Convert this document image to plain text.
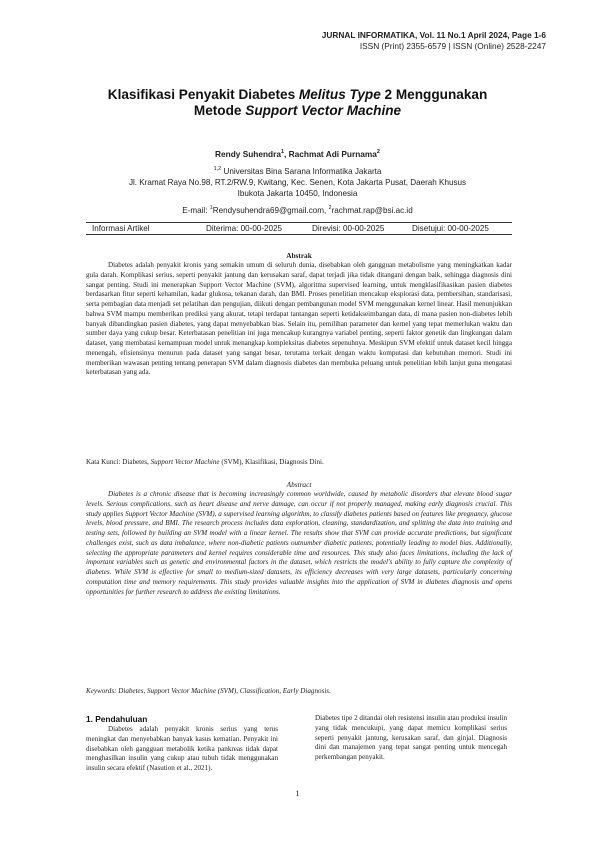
JURNAL INFORMATIKA, Vol. 11 No.1 April 2024, Page 1-6
ISSN (Print) 2355-6579 | ISSN (Online) 2528-2247
Klasifikasi Penyakit Diabetes Melitus Type 2 Menggunakan
Metode Support Vector Machine
Rendy Suhendra$^1$, Rachmat Adi Purnama$^2$
$^{1,2}$ Universitas Bina Sarana Informatika Jakarta
Jl. Kramat Raya No.98, RT.2/RW.9, Kwitang, Kec. Senen, Kota Jakarta Pusat, Daerah Khusus
Ibukota Jakarta 10450, Indonesia
E-mail: $^1$Rendysuhendra69@gmail.com, $^2$rachmat.rap@bsi.ac.id
Informasi Artikel	Diterima: 00-00-2025	Direvisi: 00-00-2025	Disetujui: 00-00-2025
Abstrak

Diabetes adalah penyakit kronis yang semakin umum di seluruh dunia, disebabkan oleh gangguan metabolisme yang meningkatkan kadar gula darah. Komplikasi serius, seperti penyakit jantung dan kerusakan saraf, dapat terjadi jika tidak ditangani dengan baik, sehingga diagnosis dini sangat penting. Studi ini menerapkan Support Vector Machine (SVM), algoritma supervised learning, untuk mengklasifikasikan pasien diabetes berdasarkan fitur seperti kehamilan, kadar glukosa, tekanan darah, dan BMI. Proses penelitian mencakup eksplorasi data, pembersihan, standarisasi, serta pembagian data menjadi set pelatihan dan pengujian, diikuti dengan pembangunan model SVM menggunakan kernel linear. Hasil menunjukkan bahwa SVM mampu memberikan prediksi yang akurat, tetapi terdapat tantangan seperti ketidakseimbangan data, di mana pasien non-diabetes lebih banyak dibandingkan pasien diabetes, yang dapat menyebabkan bias. Selain itu, pemilihan parameter dan kernel yang tepat memerlukan waktu dan sumber daya yang cukup besar. Keterbatasan penelitian ini juga mencakup kurangnya variabel penting, seperti faktor genetik dan lingkungan dalam dataset, yang membatasi kemampuan model untuk menangkap kompleksitas diabetes sepenuhnya. Meskipun SVM efektif untuk dataset kecil hingga menengah, efisiensinya menurun pada dataset yang sangat besar, terutama terkait dengan waktu komputasi dan kebutuhan memori. Studi ini memberikan wawasan penting tentang penerapan SVM dalam diagnosis diabetes dan membuka peluang untuk penelitian lebih lanjut guna mengatasi keterbatasan yang ada.

Kata Kunci: Diabetes, Support Vector Machine (SVM), Klasifikasi, Diagnosis Dini.

Abstract

Diabetes is a chronic disease that is becoming increasingly common worldwide, caused by metabolic disorders that elevate blood sugar levels. Serious complications, such as heart disease and nerve damage, can occur if not properly managed, making early diagnosis crucial. This study applies Support Vector Machine (SVM), a supervised learning algorithm, to classify diabetes patients based on features like pregnancy, glucose levels, blood pressure, and BMI. The research process includes data exploration, cleaning, standardization, and splitting the data into training and testing sets, followed by building an SVM model with a linear kernel. The results show that SVM can provide accurate predictions, but significant challenges exist, such as data imbalance, where non-diabetic patients outnumber diabetic patients, potentially leading to model bias. Additionally, selecting the appropriate parameters and kernel requires considerable time and resources. This study also faces limitations, including the lack of important variables such as genetic and environmental factors in the dataset, which restricts the model's ability to fully capture the complexity of diabetes. While SVM is effective for small to medium-sized datasets, its efficiency decreases with very large datasets, particularly concerning computation time and memory requirements. This study provides valuable insights into the application of SVM in diabetes diagnosis and opens opportunities for further research to address the existing limitations.

Keywords: Diabetes, Support Vector Machine (SVM), Classification, Early Diagnosis.

1. Pendahuluan

Diabetes adalah penyakit kronis serius yang terus meningkat dan menyebabkan banyak kasus kematian. Penyakit ini disebabkan oleh gangguan metabolik ketika pankreas tidak dapat menghasilkan insulin yang cukup atau tubuh tidak menggunakan insulin secara efektif (Nasution et al., 2021).

Diabetes tipe 2 ditandai oleh resistensi insulin atau produksi insulin yang tidak mencukupi, yang dapat memicu komplikasi serius seperti penyakit jantung, kerusakan saraf, dan ginjal. Diagnosis dini dan manajemen yang tepat sangat penting untuk mencegah perkembangan penyakit.

1
